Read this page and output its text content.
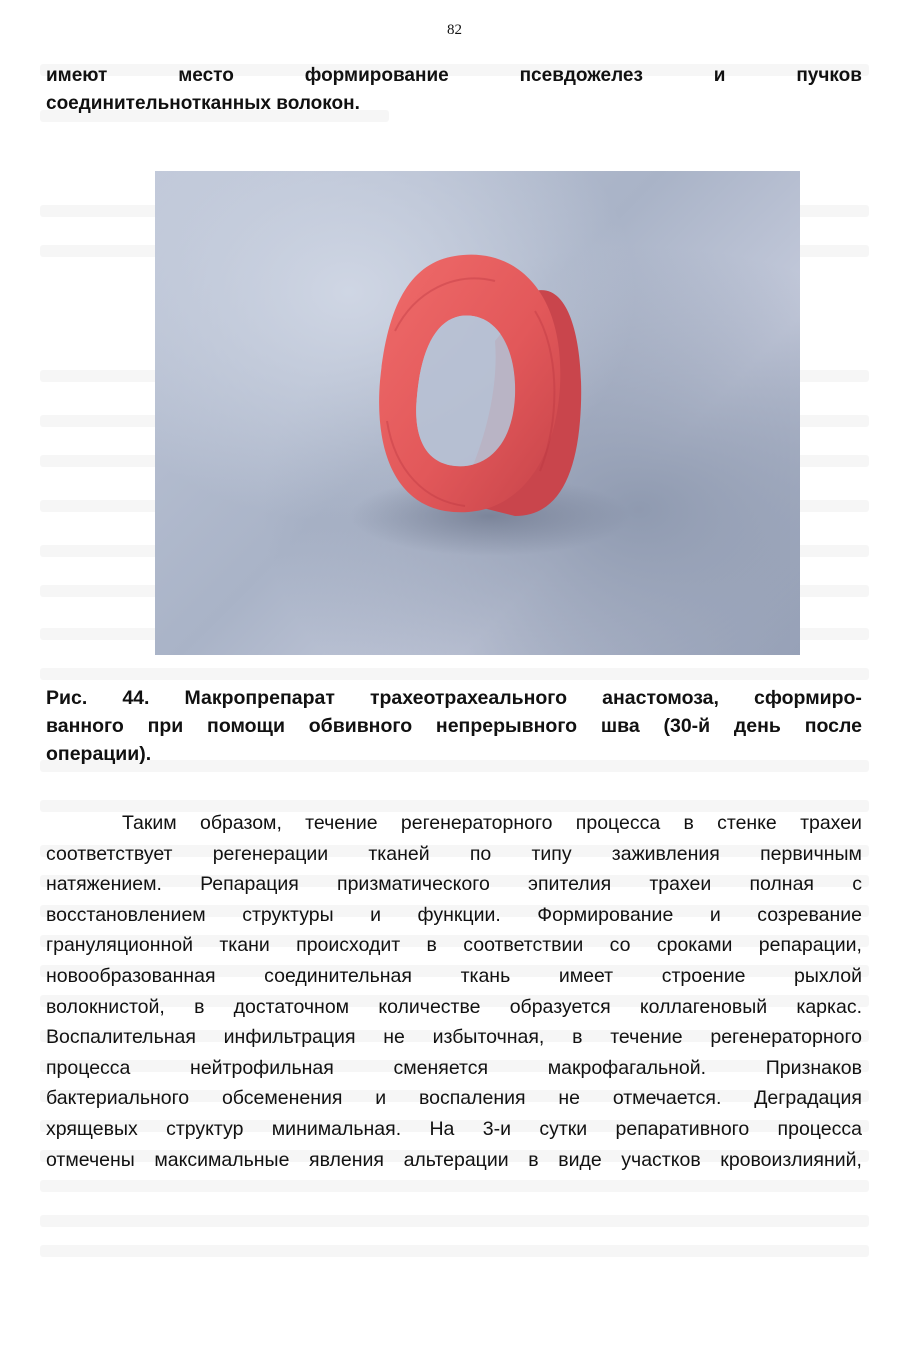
82
имеют	место	формирование	псевдожелез	и	пучков
соединительнотканных волокон.
Рис. 44. Макропрепарат трахеотрахеального анастомоза, сформиро-
ванного при помощи обвивного непрерывного шва (30-й день после
операции).
Таким образом, течение регенераторного процесса в стенке трахеи
соответствует регенерации тканей по типу заживления первичным
натяжением. Репарация призматического эпителия трахеи полная с
восстановлением структуры и функции. Формирование и созревание
грануляционной ткани происходит в соответствии со сроками репарации,
новообразованная соединительная ткань имеет строение рыхлой
волокнистой, в достаточном количестве образуется коллагеновый каркас.
Воспалительная инфильтрация не избыточная, в течение регенераторного
процесса	нейтрофильная	сменяется	макрофагальной.	Признаков
бактериального обсеменения и воспаления не отмечается. Деградация
хрящевых структур минимальная. На 3-и сутки репаративного процесса
отмечены максимальные явления альтерации в виде участков кровоизлияний,
